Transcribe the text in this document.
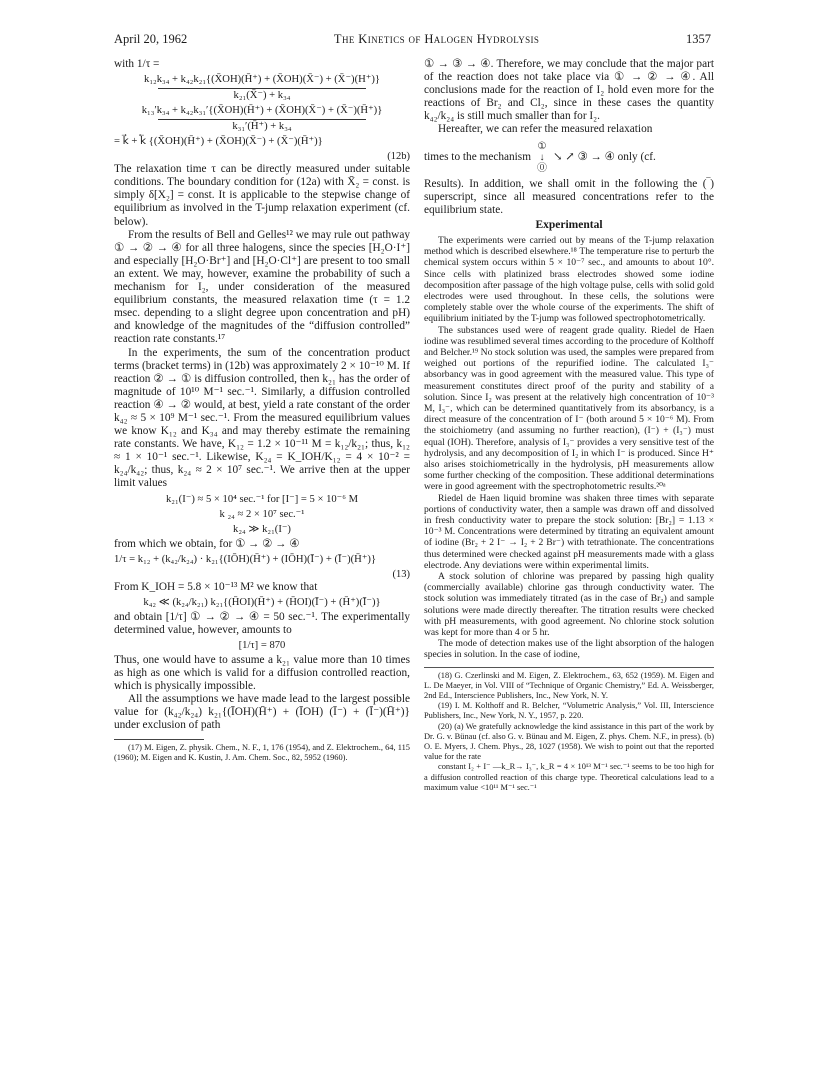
April 20, 1962	The Kinetics of Halogen Hydrolysis	1357

with 1/τ =

k₁₂k₃₄ + k₄₂k₂₁{(X̄OH)(H̄⁺) + (X̄OH)(X̄⁻) + (X̄⁻)(H⁺)}
k₂₁(X̄⁻) + k₃₄
k₁₃′k₃₄ + k₄₂k₃₁′{(X̄OH)(H̄⁺) + (X̄OH)(X̄⁻) + (X̄⁻)(H̄⁺)}
k₃₁′(H̄⁺) + k₃₄
= k⃗ + k⃖ {(X̄OH)(H̄⁺) + (X̄OH)(X̄⁻) + (X̄⁻)(H̄⁺)}
(12b)

The relaxation time τ can be directly measured under suitable conditions. The boundary condition for (12a) with X̄₂ = const. is simply δ[X₂] = const. It is applicable to the stepwise change of equilibrium as involved in the T-jump relaxation experiment (cf. below).

From the results of Bell and Gelles¹² we may rule out pathway ① → ② → ④ for all three halogens, since the species [H₂O·I⁺] and especially [H₂O·Br⁺] and [H₂O·Cl⁺] are present to too small an extent. We may, however, examine the probability of such a mechanism for I₂, under consideration of the measured equilibrium constants, the measured relaxation time (τ = 1.2 msec. depending to a slight degree upon concentration and pH) and knowledge of the magnitudes of the “diffusion controlled” reaction rate constants.¹⁷

In the experiments, the sum of the concentration product terms (bracket terms) in (12b) was approximately 2 × 10⁻¹⁰ M. If reaction ② → ① is diffusion controlled, then k₂₁ has the order of magnitude of 10¹⁰ M⁻¹ sec.⁻¹. Similarly, a diffusion controlled reaction ④ → ② would, at best, yield a rate constant of the order k₄₂ ≈ 5 × 10⁹ M⁻¹ sec.⁻¹. From the measured equilibrium values we know K₁₂ and K₃₄ and may thereby estimate the remaining rate constants. We have, K₁₂ = 1.2 × 10⁻¹¹ M = k₁₂/k₂₁; thus, k₁₂ ≈ 1 × 10⁻¹ sec.⁻¹. Likewise, K₂₄ = K_IOH/K₁₂ = 4 × 10⁻² = k₂₄/k₄₂; thus, k₂₄ ≈ 2 × 10⁷ sec.⁻¹. We arrive then at the upper limit values

k₂₁(I⁻) ≈ 5 × 10⁴ sec.⁻¹ for [I⁻] = 5 × 10⁻⁶ M
k ₂₄ ≈ 2 × 10⁷ sec.⁻¹
k₂₄ ≫ k₂₁(I⁻)

from which we obtain, for ① → ② → ④

1/τ = k₁₂ + (k₄₂/k₂₄) · k₂₁{(IŌH)(H̄⁺) + (IŌH)(Ī⁻) + (Ī⁻)(H̄⁺)}
(13)

From K_IOH = 5.8 × 10⁻¹³ M² we know that

k₄₂ ≪ (k₂₄/k₂₁) k₂₁{(H̄OI)(H̄⁺) + (H̄OI)(Ī⁻) + (H̄⁺)(Ī⁻)}

and obtain [1/τ] ① → ② → ④ = 50 sec.⁻¹. The experimentally determined value, however, amounts to

[1/τ] = 870

Thus, one would have to assume a k₂₁ value more than 10 times as high as one which is valid for a diffusion controlled reaction, which is physically impossible.

All the assumptions we have made lead to the largest possible value for (k₄₂/k₂₄) k₂₁{(ĪOH)(H̄⁺) + (ĪOH) (Ī⁻) + (Ī⁻)(H̄⁺)} under exclusion of path

(17) M. Eigen, Z. physik. Chem., N. F., 1, 176 (1954), and Z. Elektrochem., 64, 115 (1960); M. Eigen and K. Kustin, J. Am. Chem. Soc., 82, 5952 (1960).

① → ③ → ④. Therefore, we may conclude that the major part of the reaction does not take place via ① → ② → ④. All conclusions made for the reaction of I₂ hold even more for the reactions of Br₂ and Cl₂, since in these cases the quantity k₄₂/k₂₄ is still much smaller than for I₂.

Hereafter, we can refer the measured relaxation

times to the mechanism
①
↓
⓪
↘ ↗ ③ → ④ only (cf.

Results). In addition, we shall omit in the following the (‾) superscript, since all measured concentrations refer to the equilibrium state.

Experimental

The experiments were carried out by means of the T-jump relaxation method which is described elsewhere.¹⁸ The temperature rise to perturb the chemical system occurs within 5 × 10⁻⁷ sec., and amounts to about 10°. Since cells with platinized brass electrodes showed some iodine decomposition after passage of the high voltage pulse, cells with solid gold electrodes were used throughout. In these cells, the solutions were completely stable over the whole course of the experiments. The shift of equilibrium initiated by the T-jump was followed spectrophotometrically.

The substances used were of reagent grade quality. Riedel de Haen iodine was resublimed several times according to the procedure of Kolthoff and Belcher.¹⁹ No stock solution was used, the samples were prepared from weighed out portions of the repurified iodine. The calculated I₃⁻ absorbancy was in good agreement with the measured value. This type of measurement constitutes direct proof of the purity and stability of a solution. Since I₂ was present at the relatively high concentration of 10⁻³ M, I₃⁻, which can be determined quantitatively from its absorbancy, is a direct measure of the concentration of I⁻ (both around 5 × 10⁻⁶ M). From the stoichiometry (and assuming no further reaction), (I⁻) + (I₃⁻) must equal (IOH). Therefore, analysis of I₃⁻ provides a very sensitive test of the hydrolysis, and any decomposition of I₂ in which I⁻ is produced. Since H⁺ also arises stoichiometrically in the hydrolysis, pH measurements allow some further checking of the composition. These additional determinations were in good agreement with the spectrophotometric results.²⁰ᵃ

Riedel de Haen liquid bromine was shaken three times with separate portions of conductivity water, then a sample was drawn off and dissolved in fresh conductivity water to prepare the stock solution: [Br₂] = 1.13 × 10⁻³ M. Concentrations were determined by titrating an equivalent amount of iodine (Br₂ + 2 I⁻ → I₂ + 2 Br⁻) with tetrathionate. The concentrations thus determined were checked against pH measurements made with a glass electrode. Any deviations were within experimental limits.

A stock solution of chlorine was prepared by passing high quality (commercially available) chlorine gas through conductivity water. The stock solution was immediately titrated (as in the case of Br₂) and sample solutions were made directly thereafter. The titration results were checked with pH measurements, with good agreement. No chlorine stock solution was kept for more than 4 or 5 hr.

The mode of detection makes use of the light absorption of the halogen species in solution. In the case of iodine,

(18) G. Czerlinski and M. Eigen, Z. Elektrochem., 63, 652 (1959). M. Eigen and L. De Maeyer, in Vol. VIII of “Technique of Organic Chemistry,” Ed. A. Weissberger, 2nd Ed., Interscience Publishers, Inc., New York, N. Y.

(19) I. M. Kolthoff and R. Belcher, “Volumetric Analysis,” Vol. III, Interscience Publishers, Inc., New York, N. Y., 1957, p. 220.

(20) (a) We gratefully acknowledge the kind assistance in this part of the work by Dr. G. v. Bünau (cf. also G. v. Bünau and M. Eigen, Z. phys. Chem. N.F., in press). (b) O. E. Myers, J. Chem. Phys., 28, 1027 (1958). We wish to point out that the reported value for the rate

constant I₂ + I⁻ —k_R→ I₃⁻, k_R = 4 × 10¹³ M⁻¹ sec.⁻¹ seems to be too high for a diffusion controlled reaction of this charge type. Theoretical calculations lead to a maximum value <10¹¹ M⁻¹ sec.⁻¹
